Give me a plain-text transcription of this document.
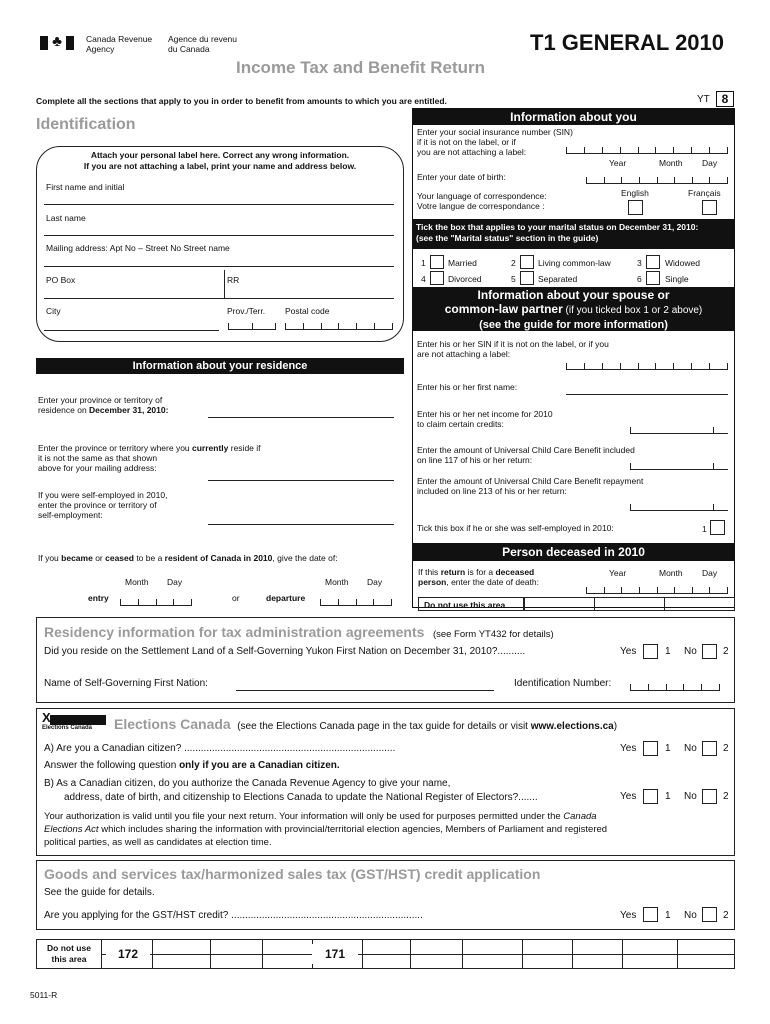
♣	Canada Revenue
Agency
Agence du revenu
du Canada	T1 GENERAL 2010
Income Tax and Benefit Return
Complete all the sections that apply to you in order to benefit from amounts to which you are entitled.	YT 8
Identification
Attach your personal label here. Correct any wrong information.
If you are not attaching a label, print your name and address below.
First name and initial
Last name
Mailing address: Apt No – Street No Street name
PO Box	RR
City	Prov./Terr. Postal code
Information about your residence
Enter your province or territory of
residence on December 31, 2010:
Enter the province or territory where you currently reside if
it is not the same as that shown
above for your mailing address:
If you were self-employed in 2010,
enter the province or territory of
self-employment:
If you became or ceased to be a resident of Canada in 2010, give the date of:
Month Day
entry	or
Month Day
departure
Information about you
Enter your social insurance number (SIN)
if it is not on the label, or if
you are not attaching a label:
Year	Month Day
Enter your date of birth:
Your language of correspondence:
Votre langue de correspondance :
English	Français
Tick the box that applies to your marital status on December 31, 2010:
(see the "Marital status" section in the guide)
1	Married	2	Living common-law	3	Widowed
4	Divorced	5	Separated	6	Single
Information about your spouse or
common-law partner (if you ticked box 1 or 2 above)
(see the guide for more information)
Enter his or her SIN if it is not on the label, or if you
are not attaching a label:
Enter his or her first name:
Enter his or her net income for 2010
to claim certain credits:
Enter the amount of Universal Child Care Benefit included
on line 117 of his or her return:
Enter the amount of Universal Child Care Benefit repayment
included on line 213 of his or her return:
Tick this box if he or she was self-employed in 2010:	1
Person deceased in 2010
If this return is for a deceased
person, enter the date of death:
Year	Month Day
Do not use this area
Residency information for tax administration agreements (see Form YT432 for details)
Did you reside on the Settlement Land of a Self-Governing Yukon First Nation on December 31, 2010?..........	Yes	1 No	2
Name of Self-Governing First Nation:	Identification Number:
X
Elections Canada Elections Canada (see the Elections Canada page in the tax guide for details or visit www.elections.ca)
A) Are you a Canadian citizen? ............................................................................	Yes	1 No	2
Answer the following question only if you are a Canadian citizen.
B) As a Canadian citizen, do you authorize the Canada Revenue Agency to give your name,
address, date of birth, and citizenship to Elections Canada to update the National Register of Electors?.......	Yes	1 No	2
Your authorization is valid until you file your next return. Your information will only be used for purposes permitted under the Canada
Elections Act which includes sharing the information with provincial/territorial election agencies, Members of Parliament and registered
political parties, as well as candidates at election time.
Goods and services tax/harmonized sales tax (GST/HST) credit application
See the guide for details.
Are you applying for the GST/HST credit? .....................................................................	Yes	1 No	2
Do not use
this area	172	171
5011-R
